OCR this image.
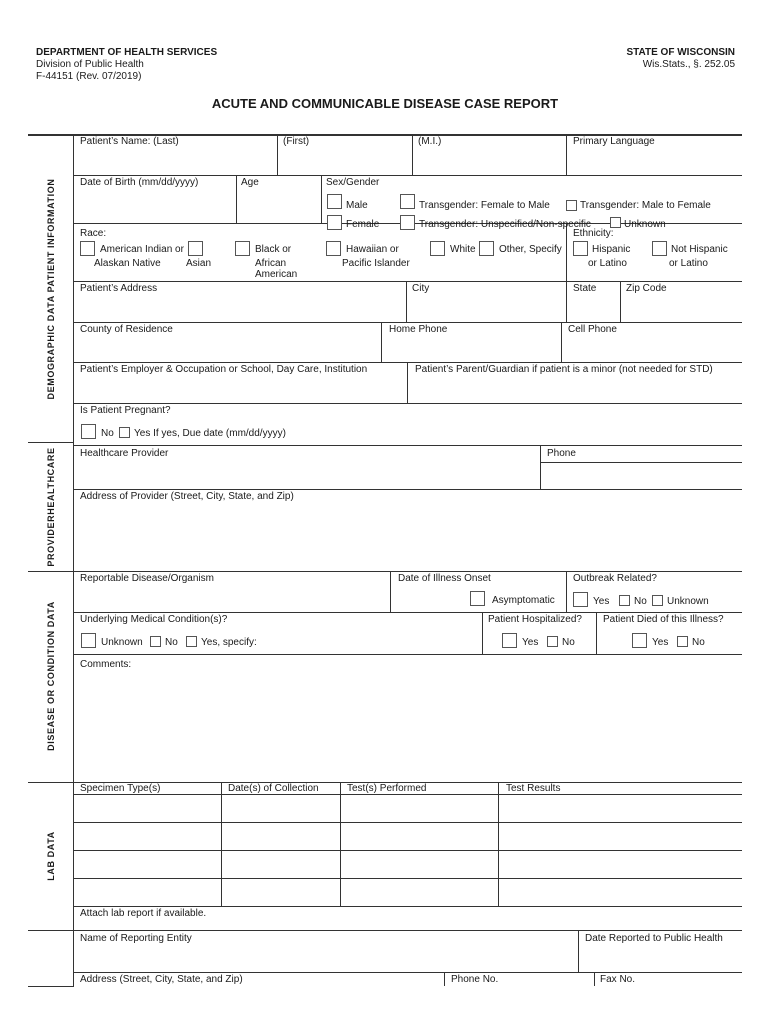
DEPARTMENT OF HEALTH SERVICES
Division of Public Health
F-44151 (Rev. 07/2019)
STATE OF WISCONSIN
Wis.Stats., §. 252.05
ACUTE AND COMMUNICABLE DISEASE CASE REPORT
DEMOGRAPHIC DATA PATIENT INFORMATION
PROVIDERHEALTHCARE
DISEASE OR CONDITION DATA
LAB DATA
Patient’s Name: (Last)	(First)	(M.I.)	Primary Language
Date of Birth (mm/dd/yyyy)	Age	Sex/Gender
Male	Transgender: Female to Male	Transgender: Male to Female
Female	Transgender: Unspecified/Non-specific	Unknown
Race:
American Indian or
Alaskan Native	Asian
Black or
African
American
Hawaiian or
Pacific Islander
White Other, Specify
Ethnicity:
Hispanic
or Latino
Not Hispanic
or Latino
Patient’s Address	City	State	Zip Code
County of Residence	Home Phone	Cell Phone
Patient’s Employer & Occupation or School, Day Care, Institution	Patient’s Parent/Guardian if patient is a minor (not needed for STD)
Is Patient Pregnant?
No Yes If yes, Due date (mm/dd/yyyy)
Healthcare Provider	Phone
Address of Provider (Street, City, State, and Zip)
Reportable Disease/Organism	Date of Illness Onset
Asymptomatic
Outbreak Related?
Yes No Unknown
Underlying Medical Condition(s)?
Unknown No Yes, specify:
Patient Hospitalized?
Yes No
Patient Died of this Illness?
Yes No
Comments:
Specimen Type(s)	Date(s) of Collection	Test(s) Performed	Test Results
Attach lab report if available.
Name of Reporting Entity	Date Reported to Public Health
Address (Street, City, State, and Zip)	Phone No.	Fax No.
